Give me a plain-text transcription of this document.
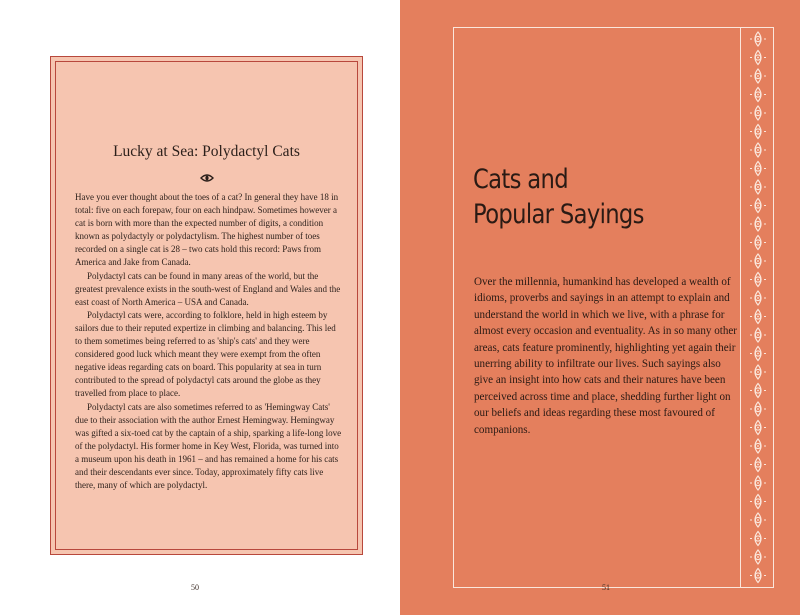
Lucky at Sea: Polydactyl Cats

Have you ever thought about the toes of a cat? In general they have 18 in total: five on each forepaw, four on each hindpaw. Sometimes however a cat is born with more than the expected number of digits, a condition known as polydactyly or polydactylism. The highest number of toes recorded on a single cat is 28 – two cats hold this record: Paws from America and Jake from Canada.

Polydactyl cats can be found in many areas of the world, but the greatest prevalence exists in the south-west of England and Wales and the east coast of North America – USA and Canada.

Polydactyl cats were, according to folklore, held in high esteem by sailors due to their reputed expertize in climbing and balancing. This led to them sometimes being referred to as 'ship's cats' and they were considered good luck which meant they were exempt from the often negative ideas regarding cats on board. This popularity at sea in turn contributed to the spread of polydactyl cats around the globe as they travelled from place to place.

Polydactyl cats are also sometimes referred to as 'Hemingway Cats' due to their association with the author Ernest Hemingway. Hemingway was gifted a six-toed cat by the captain of a ship, sparking a life-long love of the polydactyl. His former home in Key West, Florida, was turned into a museum upon his death in 1961 – and has remained a home for his cats and their descendants ever since. Today, approximately fifty cats live there, many of which are polydactyl.

50
Cats and
Popular Sayings

Over the millennia, humankind has developed a wealth of idioms, proverbs and sayings in an attempt to explain and understand the world in which we live, with a phrase for almost every occasion and eventuality. As in so many other areas, cats feature prominently, highlighting yet again their unerring ability to infiltrate our lives. Such sayings also give an insight into how cats and their natures have been perceived across time and place, shedding further light on our beliefs and ideas regarding these most favoured of companions.

51
